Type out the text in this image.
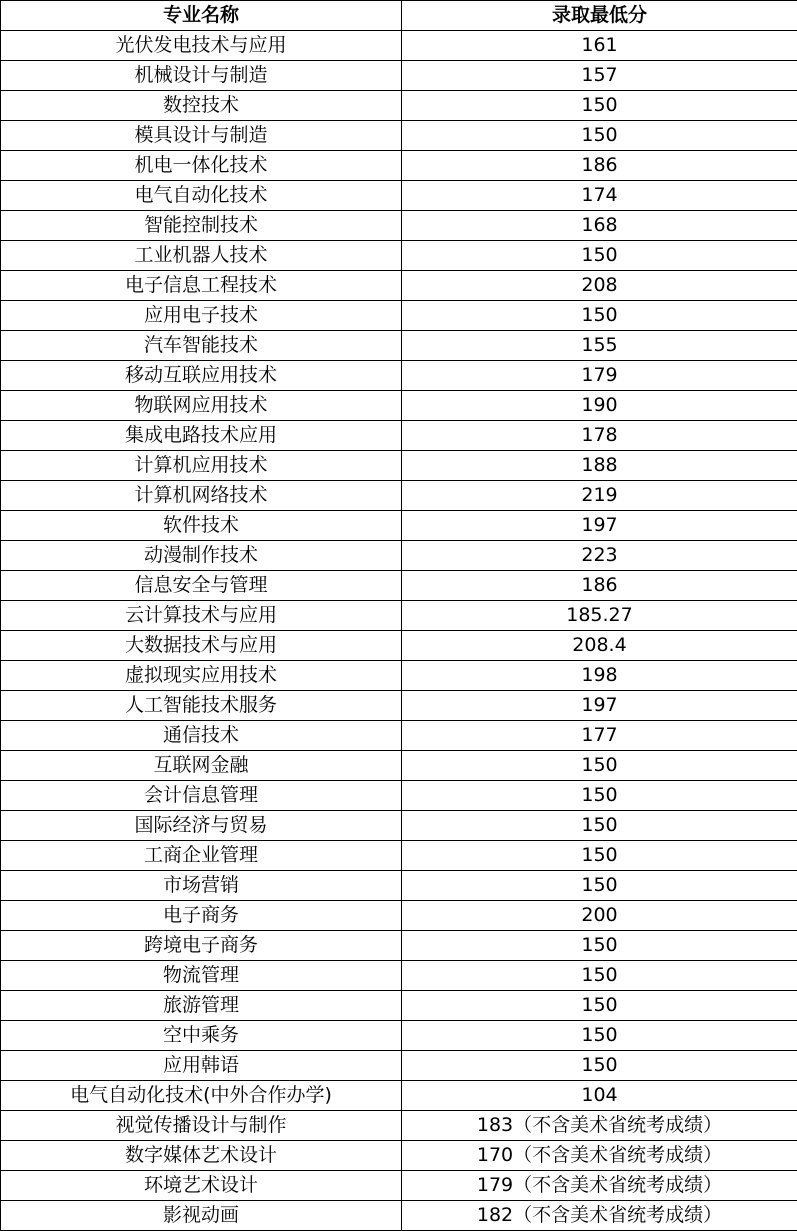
专业名称	录取最低分
光伏发电技术与应用	161
机械设计与制造	157
数控技术	150
模具设计与制造	150
机电一体化技术	186
电气自动化技术	174
智能控制技术	168
工业机器人技术	150
电子信息工程技术	208
应用电子技术	150
汽车智能技术	155
移动互联应用技术	179
物联网应用技术	190
集成电路技术应用	178
计算机应用技术	188
计算机网络技术	219
软件技术	197
动漫制作技术	223
信息安全与管理	186
云计算技术与应用	185.27
大数据技术与应用	208.4
虚拟现实应用技术	198
人工智能技术服务	197
通信技术	177
互联网金融	150
会计信息管理	150
国际经济与贸易	150
工商企业管理	150
市场营销	150
电子商务	200
跨境电子商务	150
物流管理	150
旅游管理	150
空中乘务	150
应用韩语	150
电气自动化技术(中外合作办学)	104
视觉传播设计与制作	183（不含美术省统考成绩）
数字媒体艺术设计	170（不含美术省统考成绩）
环境艺术设计	179（不含美术省统考成绩）
影视动画	182（不含美术省统考成绩）
